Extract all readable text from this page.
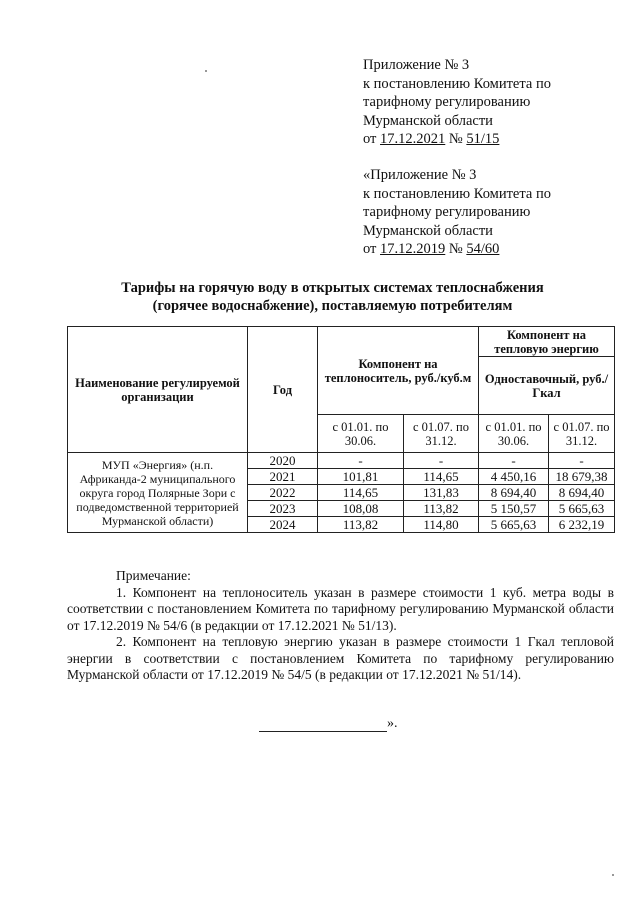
Приложение № 3
к постановлению Комитета по
тарифному регулированию
Мурманской области
от 17.12.2021 № 51/15
«Приложение № 3
к постановлению Комитета по
тарифному регулированию
Мурманской области
от 17.12.2019 № 54/60
Тарифы на горячую воду в открытых системах теплоснабжения
(горячее водоснабжение), поставляемую потребителям
Наименование регулируемой организации	Год	Компонент на теплоноситель, руб./куб.м		Компонент на тепловую энергию	
				Одноставочный, руб./Гкал	
		с 01.01. по 30.06.	с 01.07. по 31.12.	с 01.01. по 30.06.	с 01.07. по 31.12.
МУП «Энергия» (н.п. Африканда-2 муниципального округа город Полярные Зори с подведомственной территорией Мурманской области)	2020	-	-	-	-
	2021	101,81	114,65	4 450,16	18 679,38
	2022	114,65	131,83	8 694,40	8 694,40
	2023	108,08	113,82	5 150,57	5 665,63
	2024	113,82	114,80	5 665,63	6 232,19
Примечание:

1. Компонент на теплоноситель указан в размере стоимости 1 куб. метра воды в соответствии с постановлением Комитета по тарифному регулированию Мурманской области от 17.12.2019 № 54/6 (в редакции от 17.12.2021 № 51/13).

2. Компонент на тепловую энергию указан в размере стоимости 1 Гкал тепловой энергии в соответствии с постановлением Комитета по тарифному регулированию Мурманской области от 17.12.2019 № 54/5 (в редакции от 17.12.2021 № 51/14).

».
